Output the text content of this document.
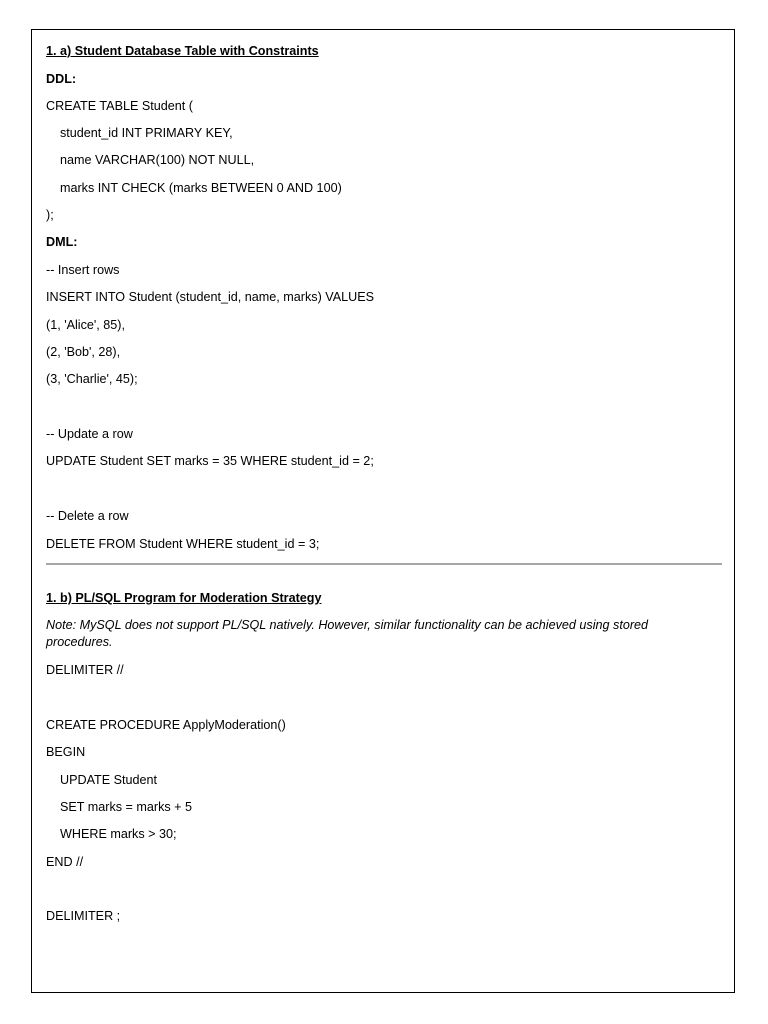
1. a) Student Database Table with Constraints
DDL:
CREATE TABLE Student (
student_id INT PRIMARY KEY,
name VARCHAR(100) NOT NULL,
marks INT CHECK (marks BETWEEN 0 AND 100)
);
DML:
-- Insert rows
INSERT INTO Student (student_id, name, marks) VALUES
(1, 'Alice', 85),
(2, 'Bob', 28),
(3, 'Charlie', 45);
-- Update a row
UPDATE Student SET marks = 35 WHERE student_id = 2;
-- Delete a row
DELETE FROM Student WHERE student_id = 3;
1. b) PL/SQL Program for Moderation Strategy
Note: MySQL does not support PL/SQL natively. However, similar functionality can be achieved using stored procedures.
DELIMITER //
CREATE PROCEDURE ApplyModeration()
BEGIN
UPDATE Student
SET marks = marks + 5
WHERE marks > 30;
END //
DELIMITER ;
